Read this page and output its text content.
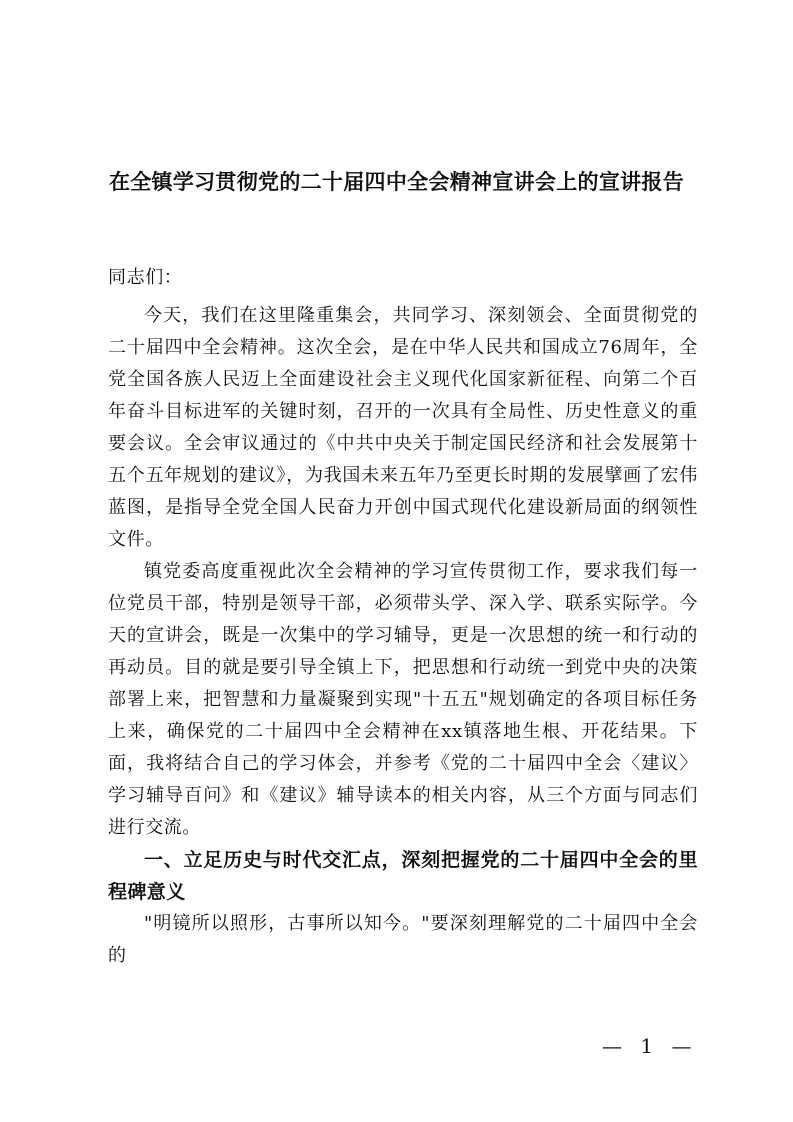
在全镇学习贯彻党的二十届四中全会精神宣讲会上的宣讲报告

同志们：

今天，我们在这里隆重集会，共同学习、深刻领会、全面贯彻党的二十届四中全会精神。这次全会，是在中华人民共和国成立76周年，全党全国各族人民迈上全面建设社会主义现代化国家新征程、向第二个百年奋斗目标进军的关键时刻，召开的一次具有全局性、历史性意义的重要会议。全会审议通过的《中共中央关于制定国民经济和社会发展第十五个五年规划的建议》，为我国未来五年乃至更长时期的发展擘画了宏伟蓝图，是指导全党全国人民奋力开创中国式现代化建设新局面的纲领性文件。

镇党委高度重视此次全会精神的学习宣传贯彻工作，要求我们每一位党员干部，特别是领导干部，必须带头学、深入学、联系实际学。今天的宣讲会，既是一次集中的学习辅导，更是一次思想的统一和行动的再动员。目的就是要引导全镇上下，把思想和行动统一到党中央的决策部署上来，把智慧和力量凝聚到实现"十五五"规划确定的各项目标任务上来，确保党的二十届四中全会精神在xx镇落地生根、开花结果。下面，我将结合自己的学习体会，并参考《党的二十届四中全会〈建议〉学习辅导百问》和《建议》辅导读本的相关内容，从三个方面与同志们进行交流。

一、立足历史与时代交汇点，深刻把握党的二十届四中全会的里程碑意义

"明镜所以照形，古事所以知今。"要深刻理解党的二十届四中全会的

— 1 —
